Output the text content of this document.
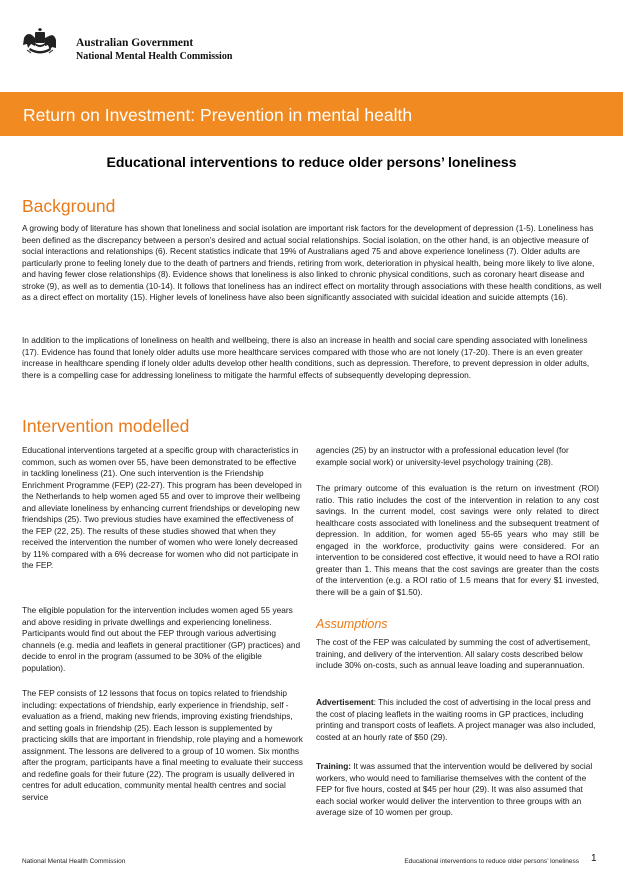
Australian Government
National Mental Health Commission
Return on Investment: Prevention in mental health
Educational interventions to reduce older persons’ loneliness
Background

A growing body of literature has shown that loneliness and social isolation are important risk factors for the development of depression (1-5). Loneliness has been defined as the discrepancy between a person’s desired and actual social relationships. Social isolation, on the other hand, is an objective measure of social interactions and relationships (6). Recent statistics indicate that 19% of Australians aged 75 and above experience loneliness (7). Older adults are particularly prone to feeling lonely due to the death of partners and friends, retiring from work, deterioration in physical health, being more likely to live alone, and having fewer close relationships (8). Evidence shows that loneliness is also linked to chronic physical conditions, such as coronary heart disease and stroke (9), as well as to dementia (10-14). It follows that loneliness has an indirect effect on mortality through associations with these health conditions, as well as a direct effect on mortality (15). Higher levels of loneliness have also been significantly associated with suicidal ideation and suicide attempts (16).

In addition to the implications of loneliness on health and wellbeing, there is also an increase in health and social care spending associated with loneliness (17). Evidence has found that lonely older adults use more healthcare services compared with those who are not lonely (17-20). There is an even greater increase in healthcare spending if lonely older adults develop other health conditions, such as depression. Therefore, to prevent depression in older adults, there is a compelling case for addressing loneliness to mitigate the harmful effects of subsequently developing depression.

Intervention modelled

Educational interventions targeted at a specific group with characteristics in common, such as women over 55, have been demonstrated to be effective in tackling loneliness (21). One such intervention is the Friendship Enrichment Programme (FEP) (22-27). This program has been developed in the Netherlands to help women aged 55 and over to improve their wellbeing and alleviate loneliness by enhancing current friendships or developing new friendships (25). Two previous studies have examined the effectiveness of the FEP (22, 25). The results of these studies showed that when they received the intervention the number of women who were lonely decreased by 11% compared with a 6% decrease for women who did not participate in the FEP.

The eligible population for the intervention includes women aged 55 years and above residing in private dwellings and experiencing loneliness. Participants would find out about the FEP through various advertising channels (e.g. media and leaflets in general practitioner (GP) practices) and decide to enrol in the program (assumed to be 30% of the eligible population).

The FEP consists of 12 lessons that focus on topics related to friendship including: expectations of friendship, early experience in friendship, self -evaluation as a friend, making new friends, improving existing friendships, and setting goals in friendship (25). Each lesson is supplemented by practicing skills that are important in friendship, role playing and a homework assignment. The lessons are delivered to a group of 10 women. Six months after the program, participants have a final meeting to evaluate their success and redefine goals for their future (22). The program is usually delivered in centres for adult education, community mental health centres and social service

agencies (25) by an instructor with a professional education level (for example social work) or university-level psychology training (28).

The primary outcome of this evaluation is the return on investment (ROI) ratio. This ratio includes the cost of the intervention in relation to any cost savings. In the current model, cost savings were only related to direct healthcare costs associated with loneliness and the subsequent treatment of depression. In addition, for women aged 55-65 years who may still be engaged in the workforce, productivity gains were considered. For an intervention to be considered cost effective, it would need to have a ROI ratio greater than 1. This means that the cost savings are greater than the costs of the intervention (e.g. a ROI ratio of 1.5 means that for every $1 invested, there will be a gain of $1.50).

Assumptions

The cost of the FEP was calculated by summing the cost of advertisement, training, and delivery of the intervention. All salary costs described below include 30% on-costs, such as annual leave loading and superannuation.

Advertisement: This included the cost of advertising in the local press and the cost of placing leaflets in the waiting rooms in GP practices, including printing and transport costs of leaflets. A project manager was also included, costed at an hourly rate of $50 (29).

Training: It was assumed that the intervention would be delivered by social workers, who would need to familiarise themselves with the content of the FEP for five hours, costed at $45 per hour (29). It was also assumed that each social worker would deliver the intervention to three groups with an average size of 10 women per group.

National Mental Health Commission	Educational interventions to reduce older persons’ loneliness 1
